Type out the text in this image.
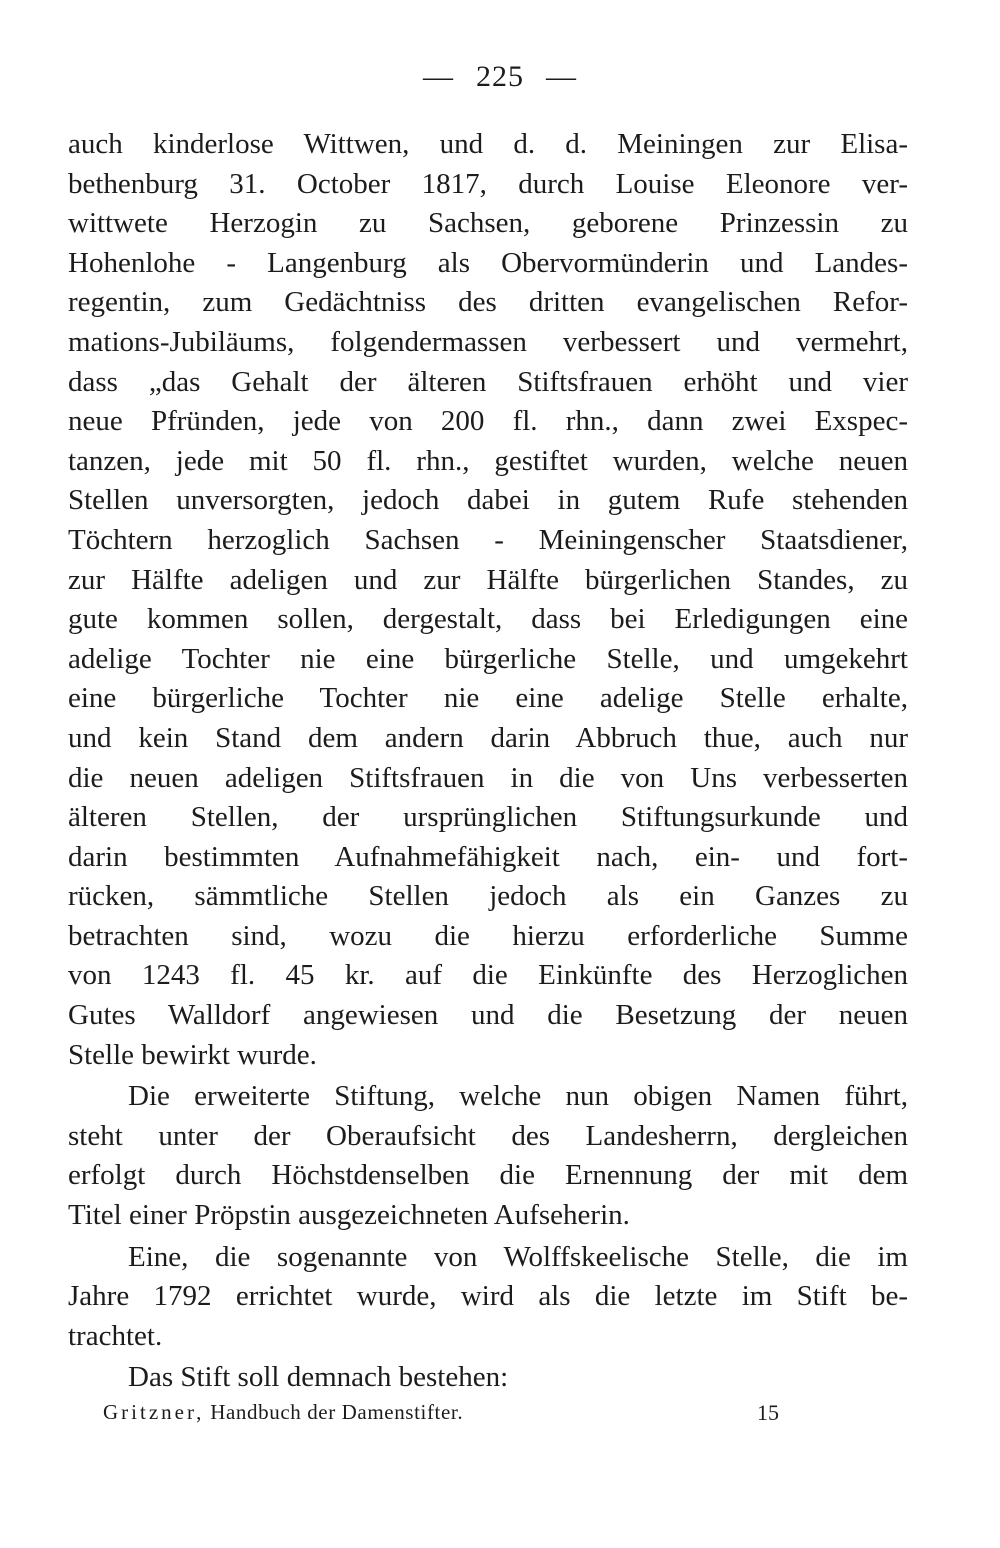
— 225 —
auch kinderlose Wittwen, und d. d. Meiningen zur Elisa-
bethenburg 31. October 1817, durch Louise Eleonore ver-
wittwete Herzogin zu Sachsen, geborene Prinzessin zu
Hohenlohe - Langenburg als Obervormünderin und Landes-
regentin, zum Gedächtniss des dritten evangelischen Refor-
mations-Jubiläums, folgendermassen verbessert und vermehrt,
dass „das Gehalt der älteren Stiftsfrauen erhöht und vier
neue Pfründen, jede von 200 fl. rhn., dann zwei Exspec-
tanzen, jede mit 50 fl. rhn., gestiftet wurden, welche neuen
Stellen unversorgten, jedoch dabei in gutem Rufe stehenden
Töchtern herzoglich Sachsen - Meiningenscher Staatsdiener,
zur Hälfte adeligen und zur Hälfte bürgerlichen Standes, zu
gute kommen sollen, dergestalt, dass bei Erledigungen eine
adelige Tochter nie eine bürgerliche Stelle, und umgekehrt
eine bürgerliche Tochter nie eine adelige Stelle erhalte,
und kein Stand dem andern darin Abbruch thue, auch nur
die neuen adeligen Stiftsfrauen in die von Uns verbesserten
älteren Stellen, der ursprünglichen Stiftungsurkunde und
darin bestimmten Aufnahmefähigkeit nach, ein- und fort-
rücken, sämmtliche Stellen jedoch als ein Ganzes zu
betrachten sind, wozu die hierzu erforderliche Summe
von 1243 fl. 45 kr. auf die Einkünfte des Herzoglichen
Gutes Walldorf angewiesen und die Besetzung der neuen
Stelle bewirkt wurde.
Die erweiterte Stiftung, welche nun obigen Namen führt,
steht unter der Oberaufsicht des Landesherrn, dergleichen
erfolgt durch Höchstdenselben die Ernennung der mit dem
Titel einer Pröpstin ausgezeichneten Aufseherin.
Eine, die sogenannte von Wolffskeelische Stelle, die im
Jahre 1792 errichtet wurde, wird als die letzte im Stift be-
trachtet.
Das Stift soll demnach bestehen:
Gritzner, Handbuch der Damenstifter.	15
